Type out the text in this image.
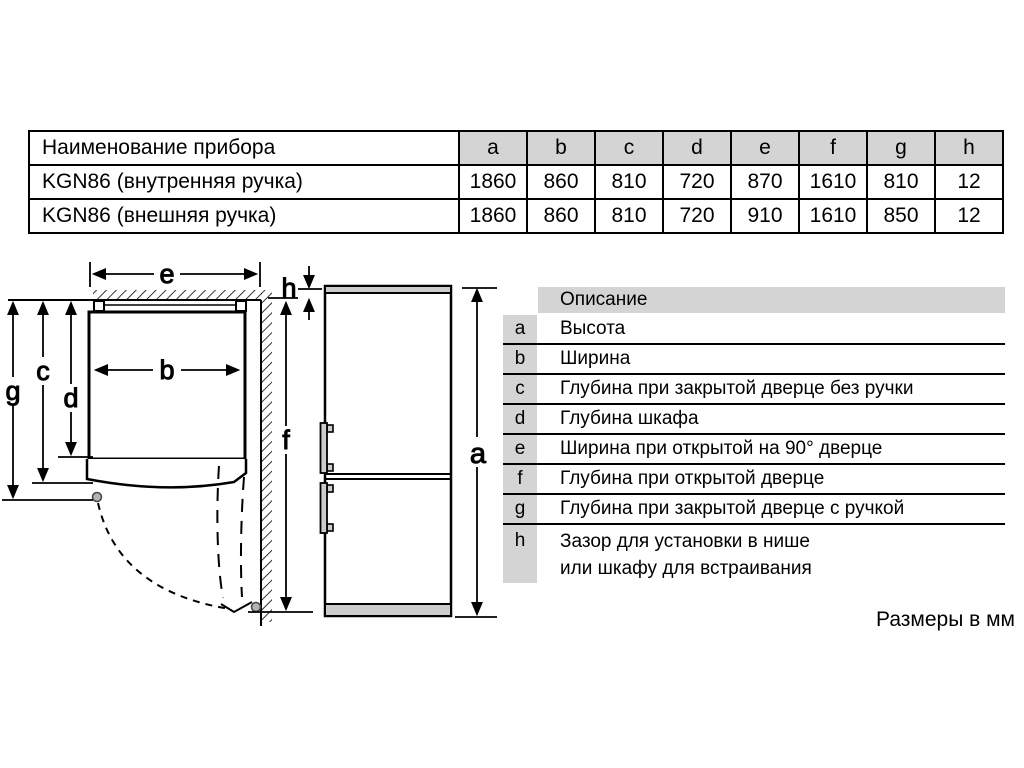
Наименование прибора	a	b	c	d	e	f	g	h
KGN86 (внутренняя ручка)	1860	860	810	720	870	1610	810	12
KGN86 (внешняя ручка)	1860	860	810	720	910	1610	850	12
e	h
g
c
d
b
f	a
Описание
a	Высота
b	Ширина
c	Глубина при закрытой дверце без ручки
d	Глубина шкафа
e	Ширина при открытой на 90° дверце
f	Глубина при открытой дверце
g	Глубина при закрытой дверце с ручкой
h	Зазор для установки в нише
или шкафу для встраивания
Размеры в мм
